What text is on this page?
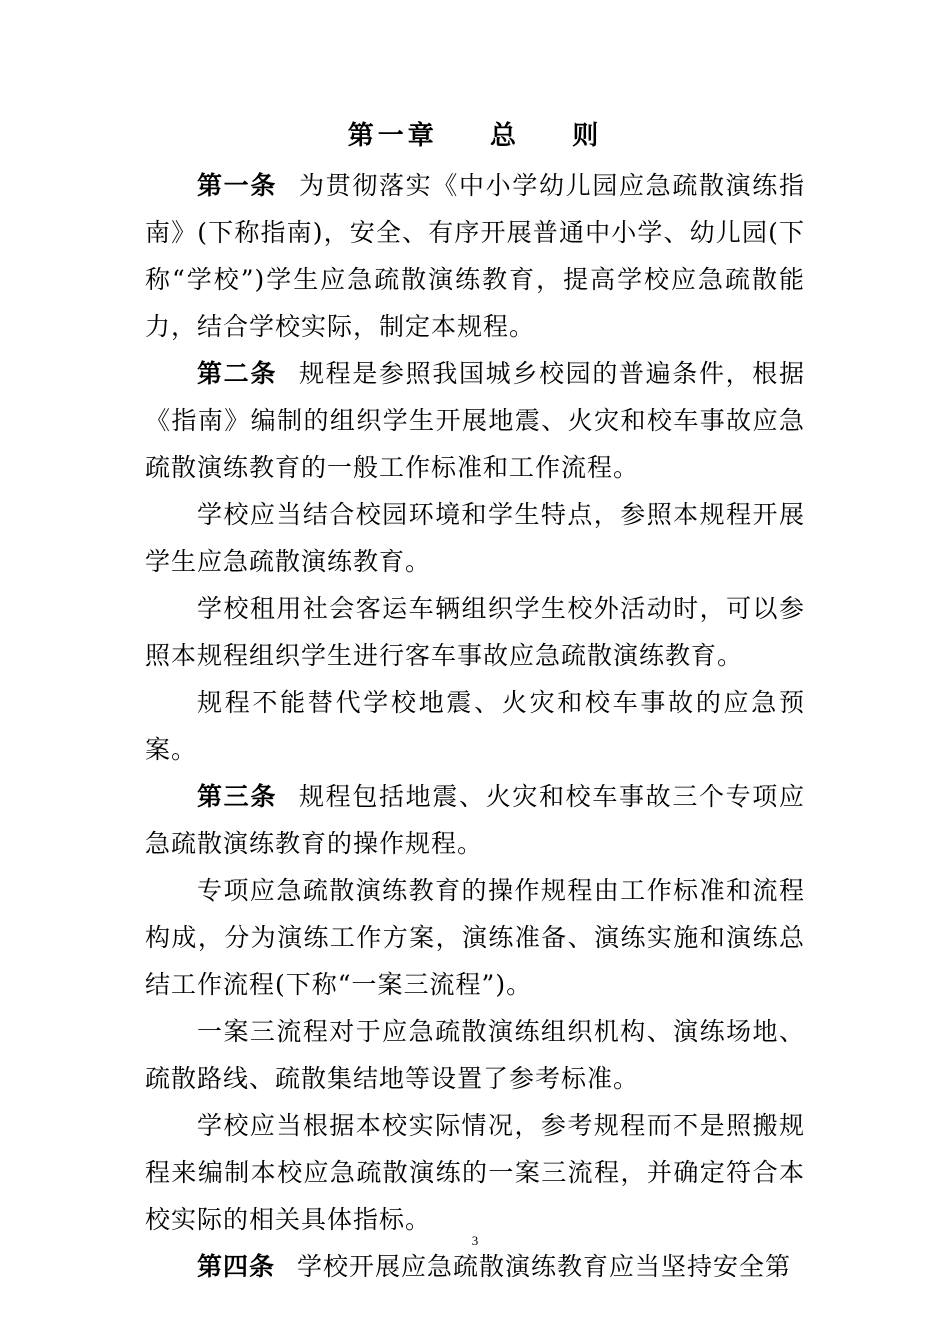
第一章    总    则

第一条 为贯彻落实《中小学幼儿园应急疏散演练指南》(下称指南)，安全、有序开展普通中小学、幼儿园(下称“学校”)学生应急疏散演练教育，提高学校应急疏散能力，结合学校实际，制定本规程。

第二条 规程是参照我国城乡校园的普遍条件，根据《指南》编制的组织学生开展地震、火灾和校车事故应急疏散演练教育的一般工作标准和工作流程。

学校应当结合校园环境和学生特点，参照本规程开展学生应急疏散演练教育。

学校租用社会客运车辆组织学生校外活动时，可以参照本规程组织学生进行客车事故应急疏散演练教育。

规程不能替代学校地震、火灾和校车事故的应急预案。

第三条 规程包括地震、火灾和校车事故三个专项应急疏散演练教育的操作规程。

专项应急疏散演练教育的操作规程由工作标准和流程构成，分为演练工作方案，演练准备、演练实施和演练总结工作流程(下称“一案三流程”)。

一案三流程对于应急疏散演练组织机构、演练场地、疏散路线、疏散集结地等设置了参考标准。

学校应当根据本校实际情况，参考规程而不是照搬规程来编制本校应急疏散演练的一案三流程，并确定符合本校实际的相关具体指标。

第四条 学校开展应急疏散演练教育应当坚持安全第

3
